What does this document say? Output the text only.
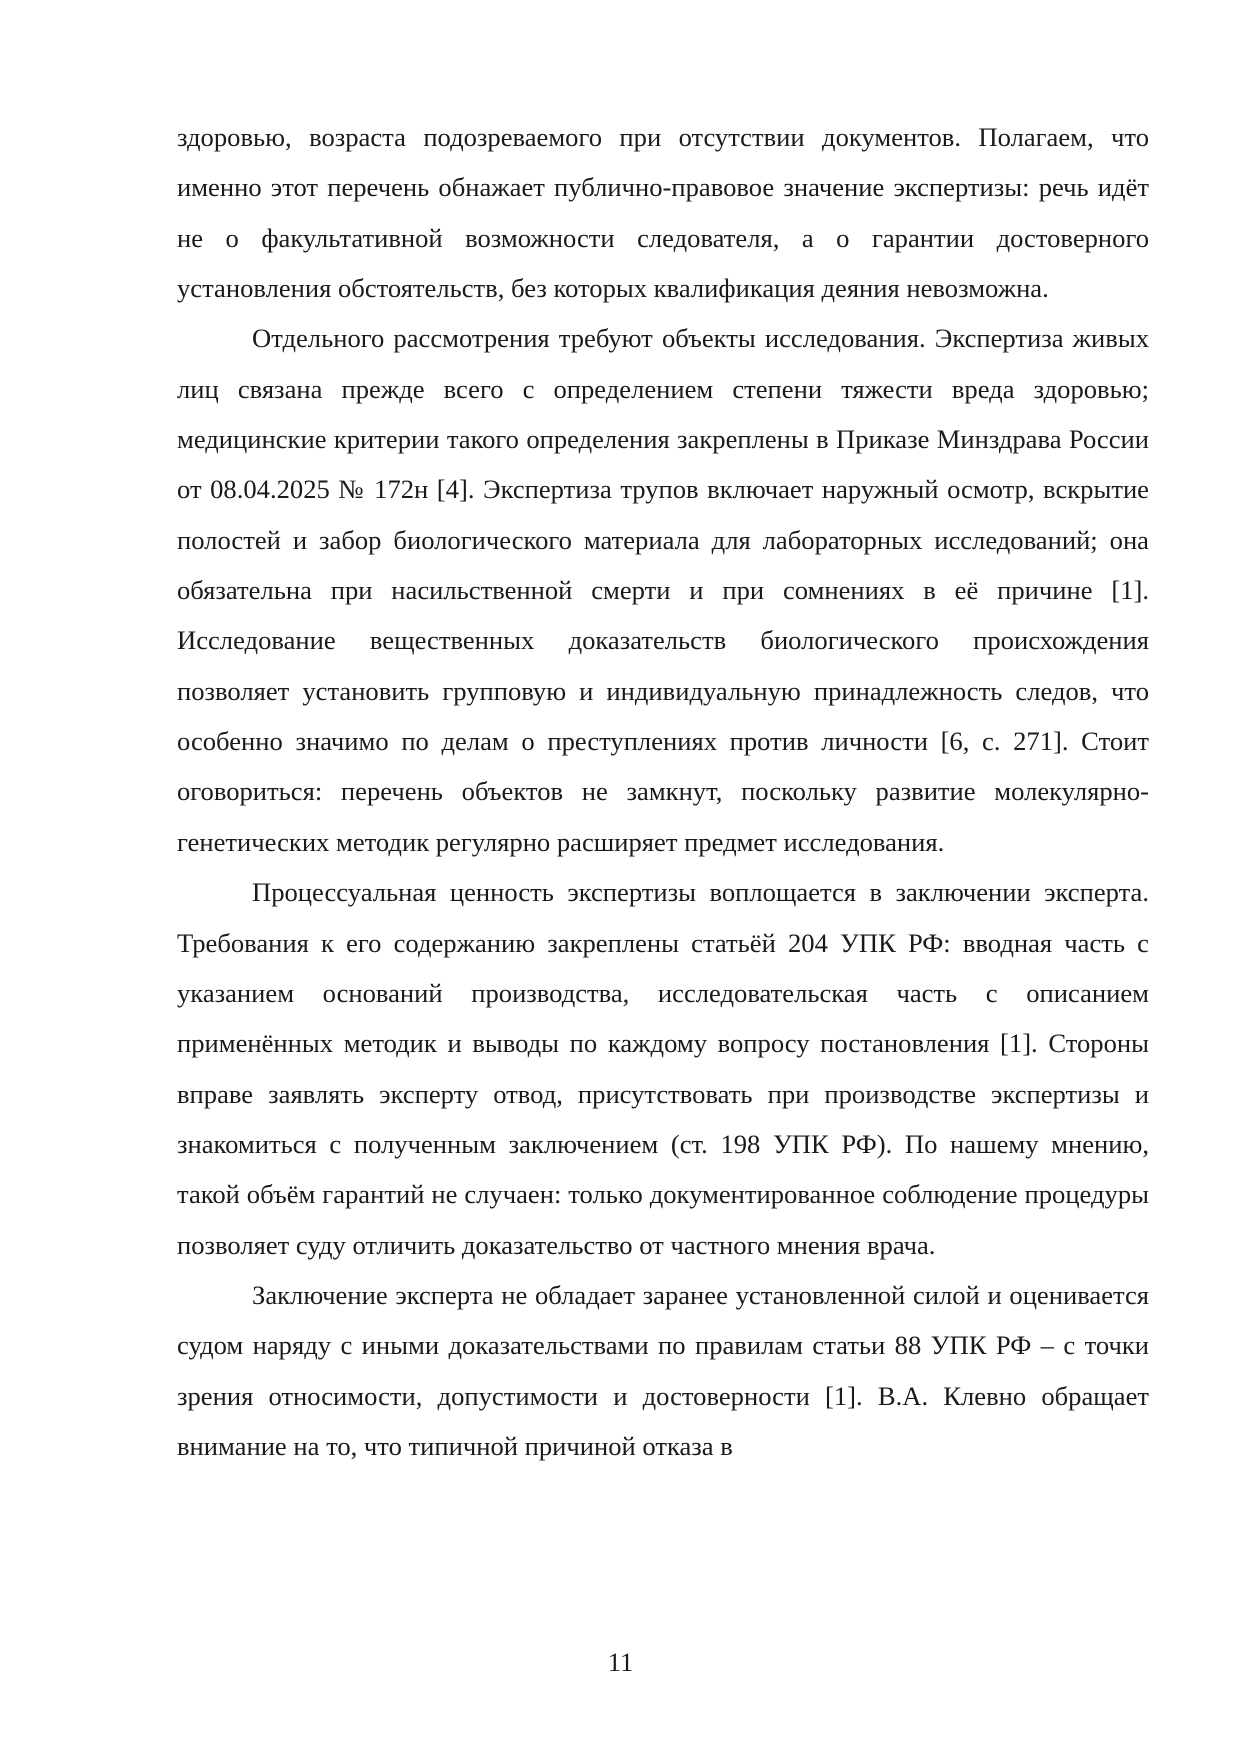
здоровью, возраста подозреваемого при отсутствии документов. Полагаем, что именно этот перечень обнажает публично-правовое значение экспертизы: речь идёт не о факультативной возможности следователя, а о гарантии достоверного установления обстоятельств, без которых квалификация деяния невозможна.

Отдельного рассмотрения требуют объекты исследования. Экспертиза живых лиц связана прежде всего с определением степени тяжести вреда здоровью; медицинские критерии такого определения закреплены в Приказе Минздрава России от 08.04.2025 № 172н [4]. Экспертиза трупов включает наружный осмотр, вскрытие полостей и забор биологического материала для лабораторных исследований; она обязательна при насильственной смерти и при сомнениях в её причине [1]. Исследование вещественных доказательств биологического происхождения позволяет установить групповую и индивидуальную принадлежность следов, что особенно значимо по делам о преступлениях против личности [6, с. 271]. Стоит оговориться: перечень объектов не замкнут, поскольку развитие молекулярно-генетических методик регулярно расширяет предмет исследования.

Процессуальная ценность экспертизы воплощается в заключении эксперта. Требования к его содержанию закреплены статьёй 204 УПК РФ: вводная часть с указанием оснований производства, исследовательская часть с описанием применённых методик и выводы по каждому вопросу постановления [1]. Стороны вправе заявлять эксперту отвод, присутствовать при производстве экспертизы и знакомиться с полученным заключением (ст. 198 УПК РФ). По нашему мнению, такой объём гарантий не случаен: только документированное соблюдение процедуры позволяет суду отличить доказательство от частного мнения врача.

Заключение эксперта не обладает заранее установленной силой и оценивается судом наряду с иными доказательствами по правилам статьи 88 УПК РФ – с точки зрения относимости, допустимости и достоверности [1]. В.А. Клевно обращает внимание на то, что типичной причиной отказа в

11
